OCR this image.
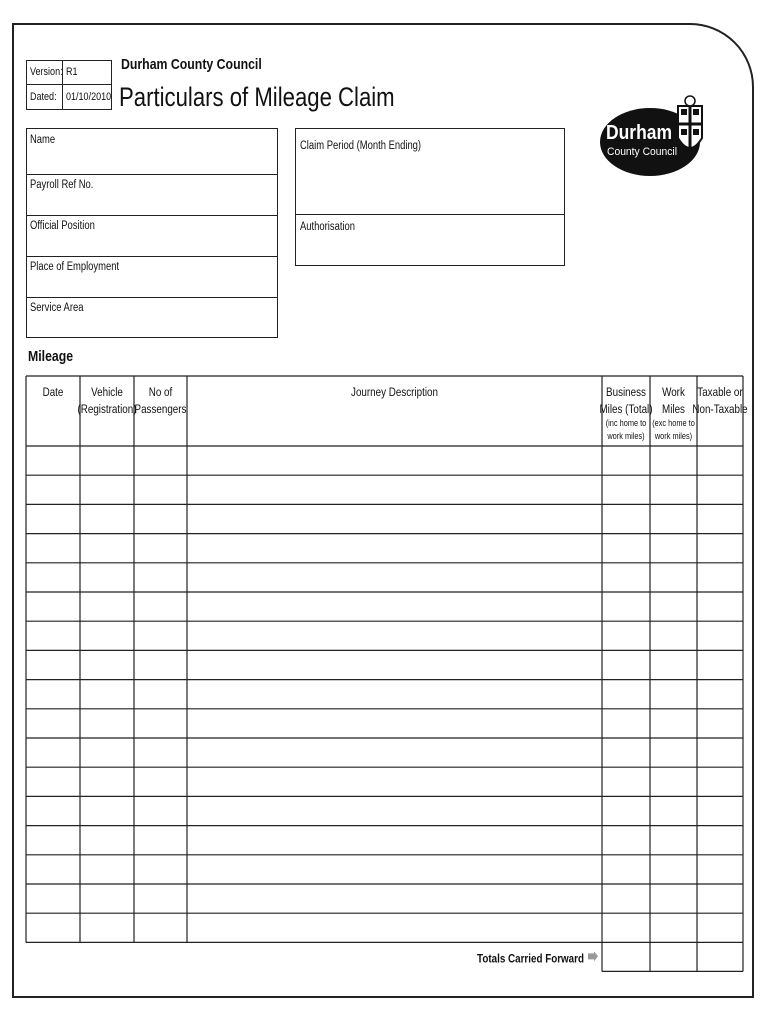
Version: R1
Dated: 01/10/2010
Durham County Council
Particulars of Mileage Claim
Durham
County Council
Name
Payroll Ref No.
Official Position
Place of Employment
Service Area
Claim Period (Month Ending)
Authorisation
Mileage
Totals Carried Forward
Date Vehicle
(Registration)
No of
Passengers
Journey Description	Business
Miles (Total)
(inc home to
work miles)
Work
Miles
(exc home to
work miles)
Taxable or
Non-Taxable
